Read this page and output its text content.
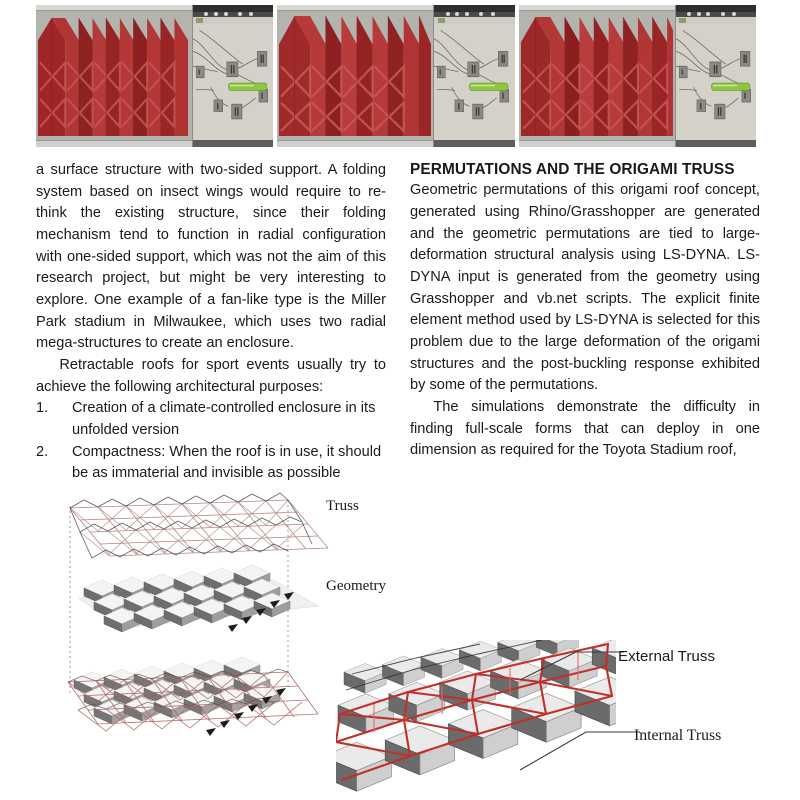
a surface structure with two-sided support. A folding system based on insect wings would require to re-think the existing structure, since their folding mechanism tend to function in radial configuration with one-sided support, which was not the aim of this research project, but might be very interesting to explore. One example of a fan-like type is the Miller Park stadium in Milwaukee, which uses two radial mega-structures to create an enclosure.

Retractable roofs for sport events usually try to achieve the following architectural purposes:

1. Creation of a climate-controlled enclosure in its unfolded version
2. Compactness: When the roof is in use, it should be as immaterial and invisible as possible
PERMUTATIONS AND THE ORIGAMI TRUSS

Geometric permutations of this origami roof concept, generated using Rhino/Grasshopper are generated and the geometric permutations are tied to large-deformation structural analysis using LS-DYNA. LS-DYNA input is generated from the geometry using Grasshopper and vb.net scripts. The explicit finite element method used by LS-DYNA is selected for this problem due to the large deformation of the origami structures and the post-buckling response exhibited by some of the permutations.

The simulations demonstrate the difficulty in finding full-scale forms that can deploy in one dimension as required for the Toyota Stadium roof,

Truss
Geometry
External Truss
Internal Truss
